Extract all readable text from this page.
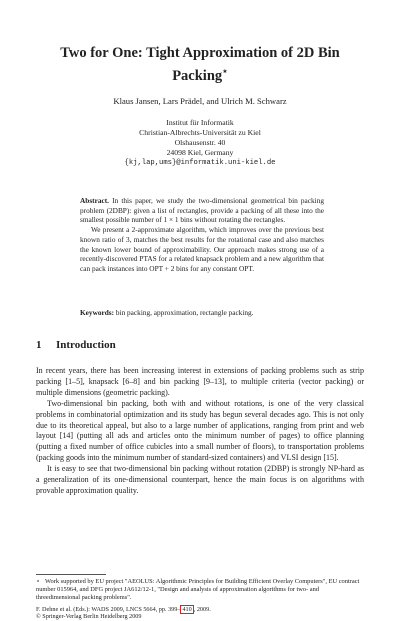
Two for One: Tight Approximation of 2D Bin Packing⋆
Klaus Jansen, Lars Prädel, and Ulrich M. Schwarz
Institut für Informatik
Christian-Albrechts-Universität zu Kiel
Olshausenstr. 40
24098 Kiel, Germany
{kj,lap,ums}@informatik.uni-kiel.de

Abstract. In this paper, we study the two-dimensional geometrical bin packing problem (2DBP): given a list of rectangles, provide a packing of all these into the smallest possible number of 1 × 1 bins without rotating the rectangles.

We present a 2-approximate algorithm, which improves over the previous best known ratio of 3, matches the best results for the rotational case and also matches the known lower bound of approximability. Our approach makes strong use of a recently-discovered PTAS for a related knapsack problem and a new algorithm that can pack instances into OPT + 2 bins for any constant OPT.

Keywords: bin packing, approximation, rectangle packing.
1 Introduction

In recent years, there has been increasing interest in extensions of packing problems such as strip packing [1–5], knapsack [6–8] and bin packing [9–13], to multiple criteria (vector packing) or multiple dimensions (geometric packing).

Two-dimensional bin packing, both with and without rotations, is one of the very classical problems in combinatorial optimization and its study has begun several decades ago. This is not only due to its theoretical appeal, but also to a large number of applications, ranging from print and web layout [14] (putting all ads and articles onto the minimum number of pages) to office planning (putting a fixed number of office cubicles into a small number of floors), to transportation problems (packing goods into the minimum number of standard-sized containers) and VLSI design [15].

It is easy to see that two-dimensional bin packing without rotation (2DBP) is strongly NP-hard as a generalization of its one-dimensional counterpart, hence the main focus is on algorithms with provable approximation quality.

⋆ Work supported by EU project "AEOLUS: Algorithmic Principles for Building Efficient Overlay Computers", EU contract number 015964, and DFG project JA612/12-1, "Design and analysis of approximation algorithms for two- and threedimensional packing problems".
F. Dehne et al. (Eds.): WADS 2009, LNCS 5664, pp. 399– 410 , 2009.
© Springer-Verlag Berlin Heidelberg 2009
